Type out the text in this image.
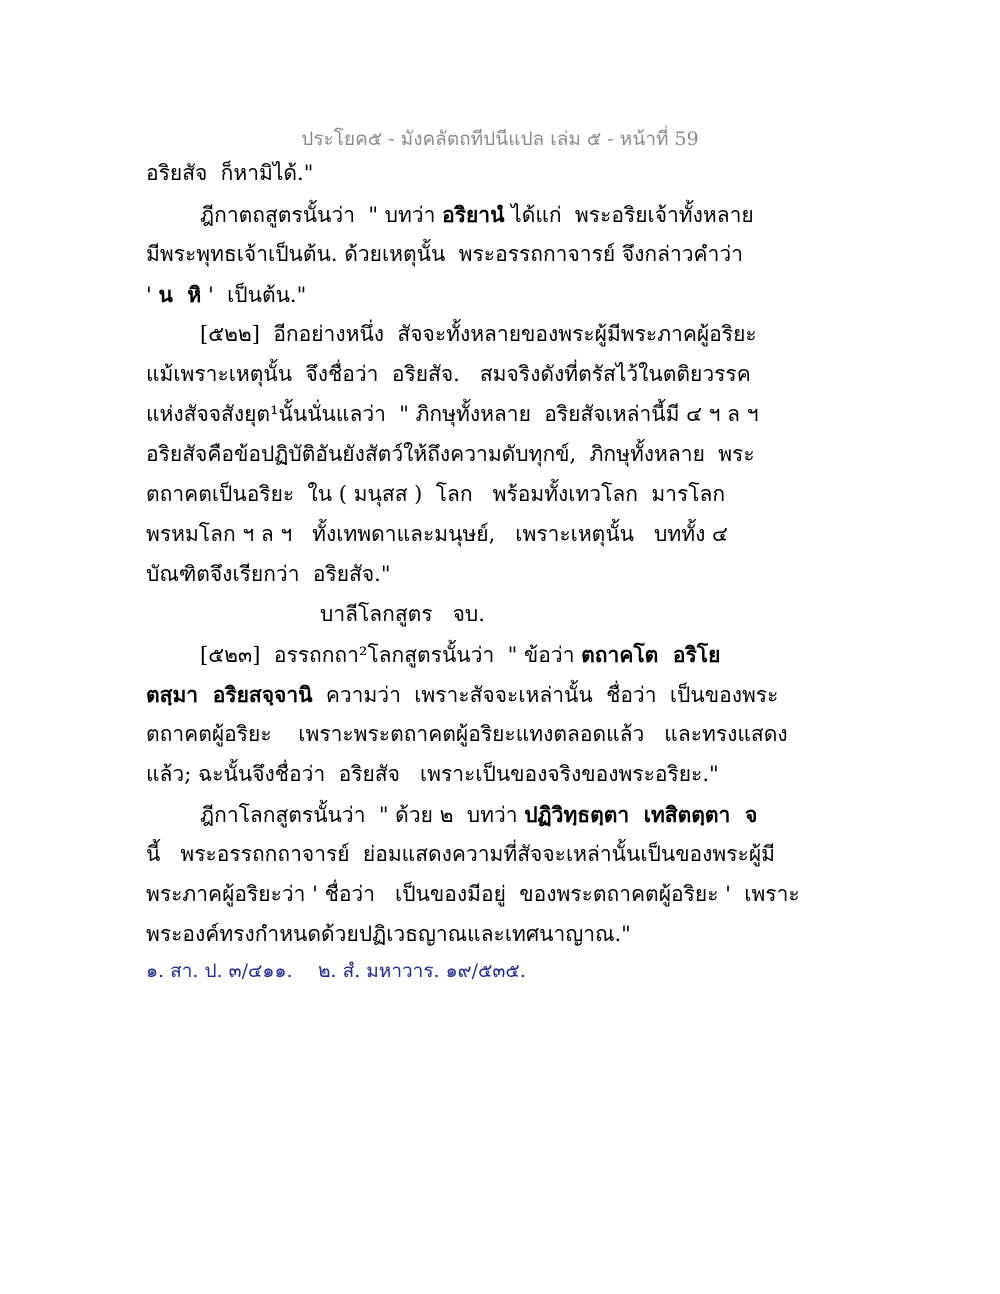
ประโยค๕ - มังคลัตถทีปนีแปล เล่ม ๕ - หน้าที่ 59
อริยสัจ  ก็หามิได้."
ฎีกาตถสูตรนั้นว่า  " บทว่า อริยานํ ได้แก่  พระอริยเจ้าทั้งหลาย
มีพระพุทธเจ้าเป็นต้น. ด้วยเหตุนั้น  พระอรรถกาจารย์ จึงกล่าวคำว่า
' น  หิ '  เป็นต้น."
[๕๒๒]  อีกอย่างหนึ่ง  สัจจะทั้งหลายของพระผู้มีพระภาคผู้อริยะ
แม้เพราะเหตุนั้น  จึงชื่อว่า  อริยสัจ.   สมจริงดังที่ตรัสไว้ในตติยวรรค
แห่งสัจจสังยุต¹นั้นนั่นแลว่า  " ภิกษุทั้งหลาย  อริยสัจเหล่านี้มี ๔ ฯ ล ฯ
อริยสัจคือข้อปฏิบัติอันยังสัตว์ให้ถึงความดับทุกข์,  ภิกษุทั้งหลาย  พระ
ตถาคตเป็นอริยะ  ใน ( มนุสส )  โลก   พร้อมทั้งเทวโลก  มารโลก
พรหมโลก ฯ ล ฯ   ทั้งเทพดาและมนุษย์,   เพราะเหตุนั้น   บททั้ง ๔
บัณฑิตจึงเรียกว่า  อริยสัจ."
บาลีโลกสูตร   จบ.
[๕๒๓]  อรรถกถา²โลกสูตรนั้นว่า  " ข้อว่า ตถาคโต  อริโย
ตสฺมา  อริยสจฺจานิ  ความว่า  เพราะสัจจะเหล่านั้น  ชื่อว่า  เป็นของพระ
ตถาคตผู้อริยะ    เพราะพระตถาคตผู้อริยะแทงตลอดแล้ว   และทรงแสดง
แล้ว; ฉะนั้นจึงชื่อว่า  อริยสัจ   เพราะเป็นของจริงของพระอริยะ."
ฎีกาโลกสูตรนั้นว่า  " ด้วย ๒  บทว่า ปฏิวิทฺธตฺตา  เทสิตตฺตา  จ
นี้   พระอรรถกถาจารย์  ย่อมแสดงความที่สัจจะเหล่านั้นเป็นของพระผู้มี
พระภาคผู้อริยะว่า ' ชื่อว่า   เป็นของมีอยู่  ของพระตถาคตผู้อริยะ '  เพราะ
พระองค์ทรงกำหนดด้วยปฏิเวธญาณและเทศนาญาณ."
๑. สา. ป. ๓/๔๑๑. ๒. สํ. มหาวาร. ๑๙/๕๓๕.
